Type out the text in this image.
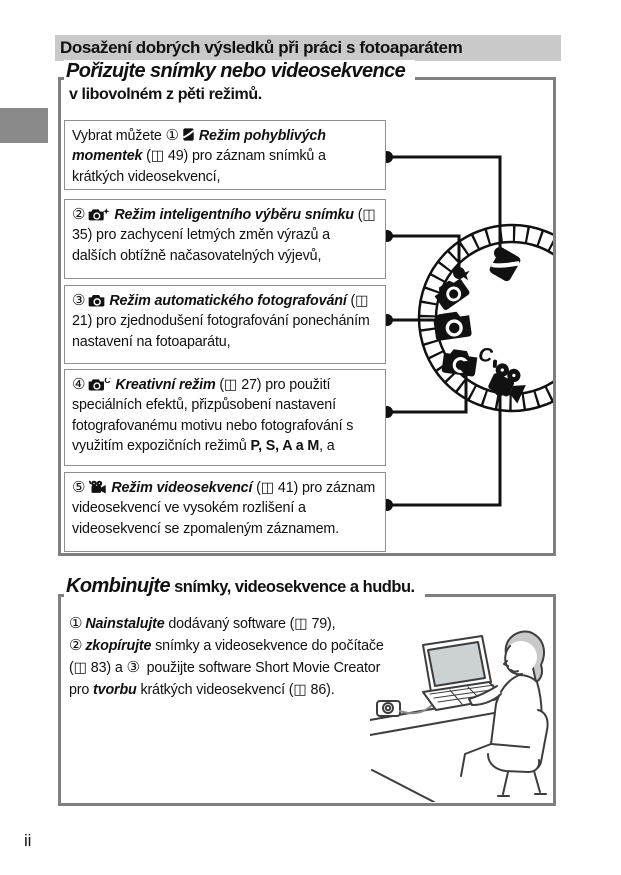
Dosažení dobrých výsledků při práci s fotoaparátem
Pořizujte snímky nebo videosekvence
v libovolném z pěti režimů.
Vybrat můžete ① Režim pohyblivých momentek (◫ 49) pro záznam snímků a krátkých videosekvencí,
② Režim inteligentního výběru snímku (◫ 35) pro zachycení letmých změn výrazů a dalších obtížně načasovatelných výjevů,
③ Režim automatického fotografování (◫ 21) pro zjednodušení fotografování ponecháním nastavení na fotoaparátu,
④ Kreativní režim (◫ 27) pro použití speciálních efektů, přizpůsobení nastavení fotografovanému motivu nebo fotografování s využitím expozičních režimů P, S, A a M, a
⑤ Režim videosekvencí (◫ 41) pro záznam videosekvencí ve vysokém rozlišení a videosekvencí se zpomaleným záznamem.
Kombinujte snímky, videosekvence a hudbu.
① Nainstalujte dodávaný software (◫ 79), ② zkopírujte snímky a videosekvence do počítače (◫ 83) a ③ použijte software Short Movie Creator pro tvorbu krátkých videosekvencí (◫ 86).
ii
